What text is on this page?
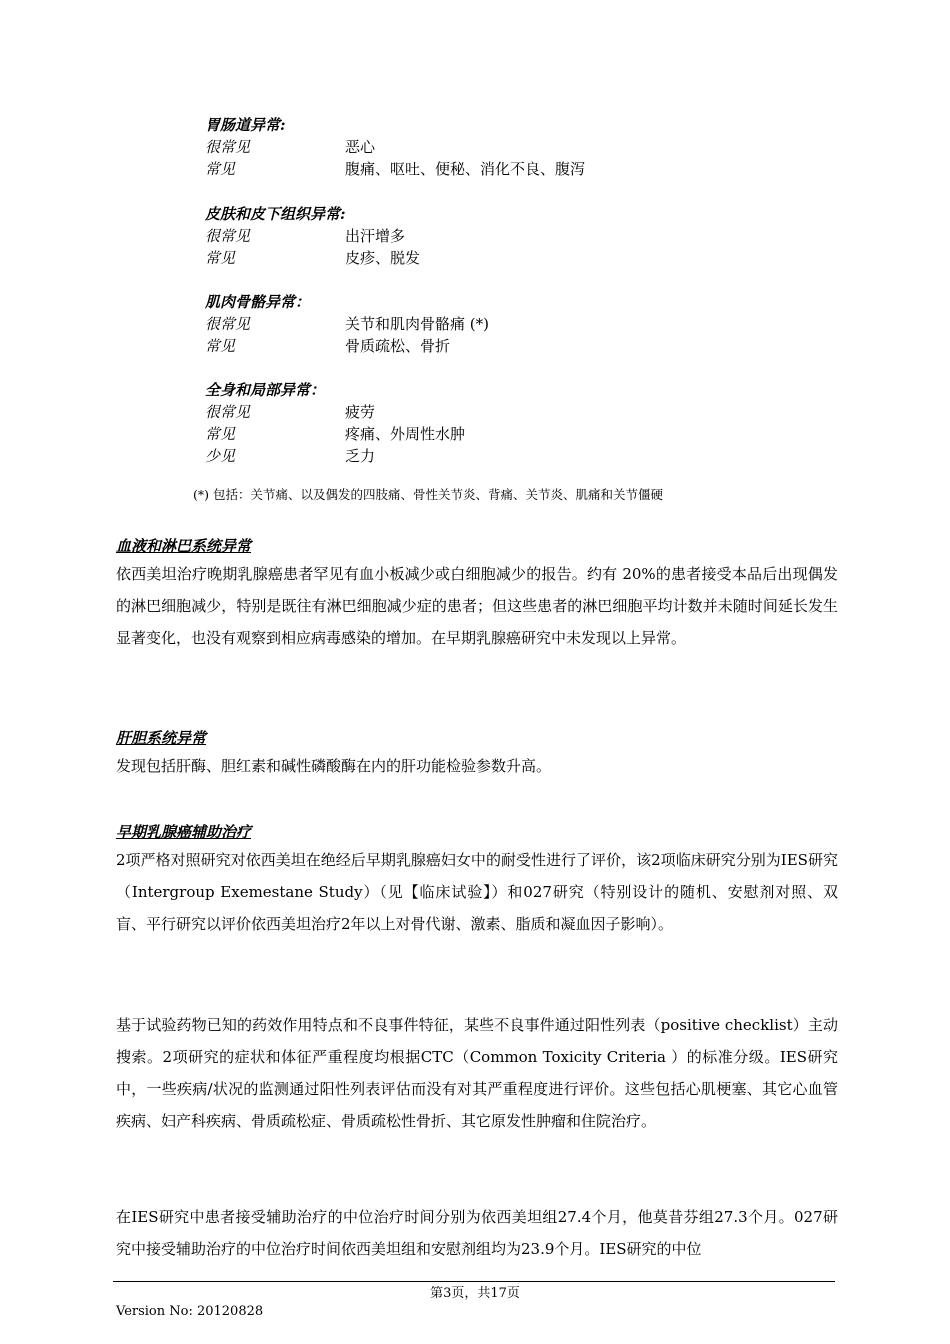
胃肠道异常:
很常见	恶心
常见	腹痛、呕吐、便秘、消化不良、腹泻
皮肤和皮下组织异常:
很常见	出汗增多
常见	皮疹、脱发
肌肉骨骼异常：
很常见	关节和肌肉骨骼痛 (*)
常见	骨质疏松、骨折
全身和局部异常：
很常见	疲劳
常见	疼痛、外周性水肿
少见	乏力
(*) 包括：关节痛、以及偶发的四肢痛、骨性关节炎、背痛、关节炎、肌痛和关节僵硬
血液和淋巴系统异常
依西美坦治疗晚期乳腺癌患者罕见有血小板减少或白细胞减少的报告。约有 20%的患者接受本品后出现偶发的淋巴细胞减少，特别是既往有淋巴细胞减少症的患者；但这些患者的淋巴细胞平均计数并未随时间延长发生显著变化，也没有观察到相应病毒感染的增加。在早期乳腺癌研究中未发现以上异常。
肝胆系统异常
发现包括肝酶、胆红素和碱性磷酸酶在内的肝功能检验参数升高。
早期乳腺癌辅助治疗
2项严格对照研究对依西美坦在绝经后早期乳腺癌妇女中的耐受性进行了评价，该2项临床研究分别为IES研究（Intergroup Exemestane Study）（见【临床试验】）和027研究（特别设计的随机、安慰剂对照、双盲、平行研究以评价依西美坦治疗2年以上对骨代谢、激素、脂质和凝血因子影响）。
基于试验药物已知的药效作用特点和不良事件特征，某些不良事件通过阳性列表（positive checklist）主动搜索。2项研究的症状和体征严重程度均根据CTC（Common Toxicity Criteria ）的标准分级。IES研究中，一些疾病/状况的监测通过阳性列表评估而没有对其严重程度进行评价。这些包括心肌梗塞、其它心血管疾病、妇产科疾病、骨质疏松症、骨质疏松性骨折、其它原发性肿瘤和住院治疗。
在IES研究中患者接受辅助治疗的中位治疗时间分别为依西美坦组27.4个月，他莫昔芬组27.3个月。027研究中接受辅助治疗的中位治疗时间依西美坦组和安慰剂组均为23.9个月。IES研究的中位
第3页，共17页
Version No: 20120828
